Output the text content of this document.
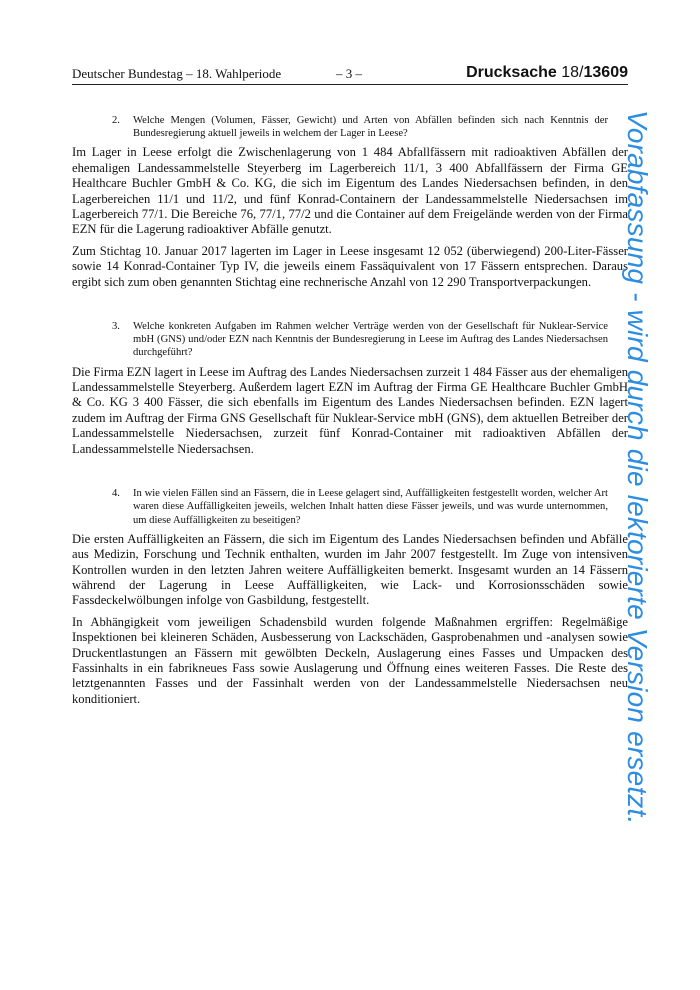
Deutscher Bundestag – 18. Wahlperiode	– 3 –	Drucksache 18/13609
2.	Welche Mengen (Volumen, Fässer, Gewicht) und Arten von Abfällen befinden sich nach Kenntnis der Bundesregierung aktuell jeweils in welchem der Lager in Leese?

Im Lager in Leese erfolgt die Zwischenlagerung von 1 484 Abfallfässern mit radioaktiven Abfällen der ehemaligen Landessammelstelle Steyerberg im Lagerbereich 11/1, 3 400 Abfallfässern der Firma GE Healthcare Buchler GmbH & Co. KG, die sich im Eigentum des Landes Niedersachsen befinden, in den Lagerbereichen 11/1 und 11/2, und fünf Konrad-Containern der Landessammelstelle Niedersachsen im Lagerbereich 77/1. Die Bereiche 76, 77/1, 77/2 und die Container auf dem Freigelände werden von der Firma EZN für die Lagerung radioaktiver Abfälle genutzt.

Zum Stichtag 10. Januar 2017 lagerten im Lager in Leese insgesamt 12 052 (überwiegend) 200-Liter-Fässer sowie 14 Konrad-Container Typ IV, die jeweils einem Fassäquivalent von 17 Fässern entsprechen. Daraus ergibt sich zum oben genannten Stichtag eine rechnerische Anzahl von 12 290 Transportverpackungen.

3.	Welche konkreten Aufgaben im Rahmen welcher Verträge werden von der Gesellschaft für Nuklear-Service mbH (GNS) und/oder EZN nach Kenntnis der Bundesregierung in Leese im Auftrag des Landes Niedersachsen durchgeführt?

Die Firma EZN lagert in Leese im Auftrag des Landes Niedersachsen zurzeit 1 484 Fässer aus der ehemaligen Landessammelstelle Steyerberg. Außerdem lagert EZN im Auftrag der Firma GE Healthcare Buchler GmbH & Co. KG 3 400 Fässer, die sich ebenfalls im Eigentum des Landes Niedersachsen befinden. EZN lagert zudem im Auftrag der Firma GNS Gesellschaft für Nuklear-Service mbH (GNS), dem aktuellen Betreiber der Landessammelstelle Niedersachsen, zurzeit fünf Konrad-Container mit radioaktiven Abfällen der Landessammelstelle Niedersachsen.

4.	In wie vielen Fällen sind an Fässern, die in Leese gelagert sind, Auffälligkeiten festgestellt worden, welcher Art waren diese Auffälligkeiten jeweils, welchen Inhalt hatten diese Fässer jeweils, und was wurde unternommen, um diese Auffälligkeiten zu beseitigen?

Die ersten Auffälligkeiten an Fässern, die sich im Eigentum des Landes Niedersachsen befinden und Abfälle aus Medizin, Forschung und Technik enthalten, wurden im Jahr 2007 festgestellt. Im Zuge von intensiven Kontrollen wurden in den letzten Jahren weitere Auffälligkeiten bemerkt. Insgesamt wurden an 14 Fässern während der Lagerung in Leese Auffälligkeiten, wie Lack- und Korrosionsschäden sowie Fassdeckelwölbungen infolge von Gasbildung, festgestellt.

In Abhängigkeit vom jeweiligen Schadensbild wurden folgende Maßnahmen ergriffen: Regelmäßige Inspektionen bei kleineren Schäden, Ausbesserung von Lackschäden, Gasprobenahmen und -analysen sowie Druckentlastungen an Fässern mit gewölbten Deckeln, Auslagerung eines Fasses und Umpacken des Fassinhalts in ein fabrikneues Fass sowie Auslagerung und Öffnung eines weiteren Fasses. Die Reste des letztgenannten Fasses und der Fassinhalt werden von der Landessammelstelle Niedersachsen neu konditioniert.	Vorabfassung - wird durch die lektorierte Version ersetzt.
